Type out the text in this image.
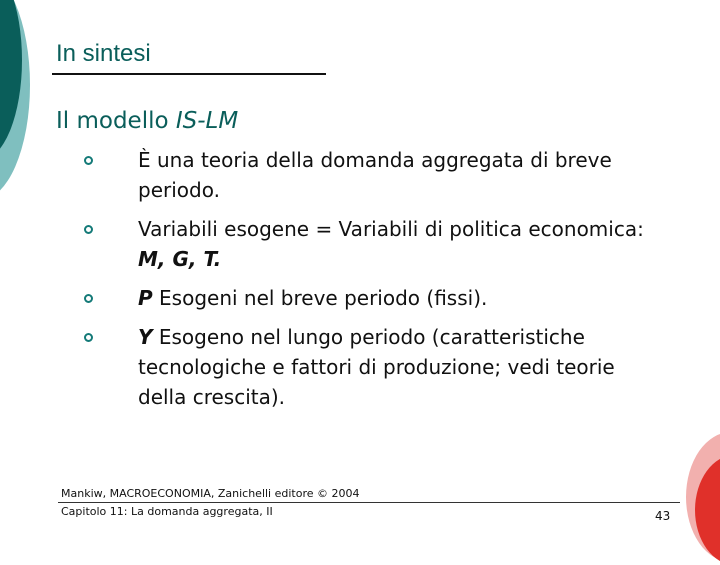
In sintesi
Il modello IS-LM
È una teoria della domanda aggregata di breve periodo.
Variabili esogene = Variabili di politica economica: M, G, T.
P Esogeni nel breve periodo (fissi).
Y Esogeno nel lungo periodo (caratteristiche tecnologiche e fattori di produzione; vedi teorie della crescita).

Mankiw, MACROECONOMIA, Zanichelli editore © 2004

Capitolo 11: La domanda aggregata, II	43
